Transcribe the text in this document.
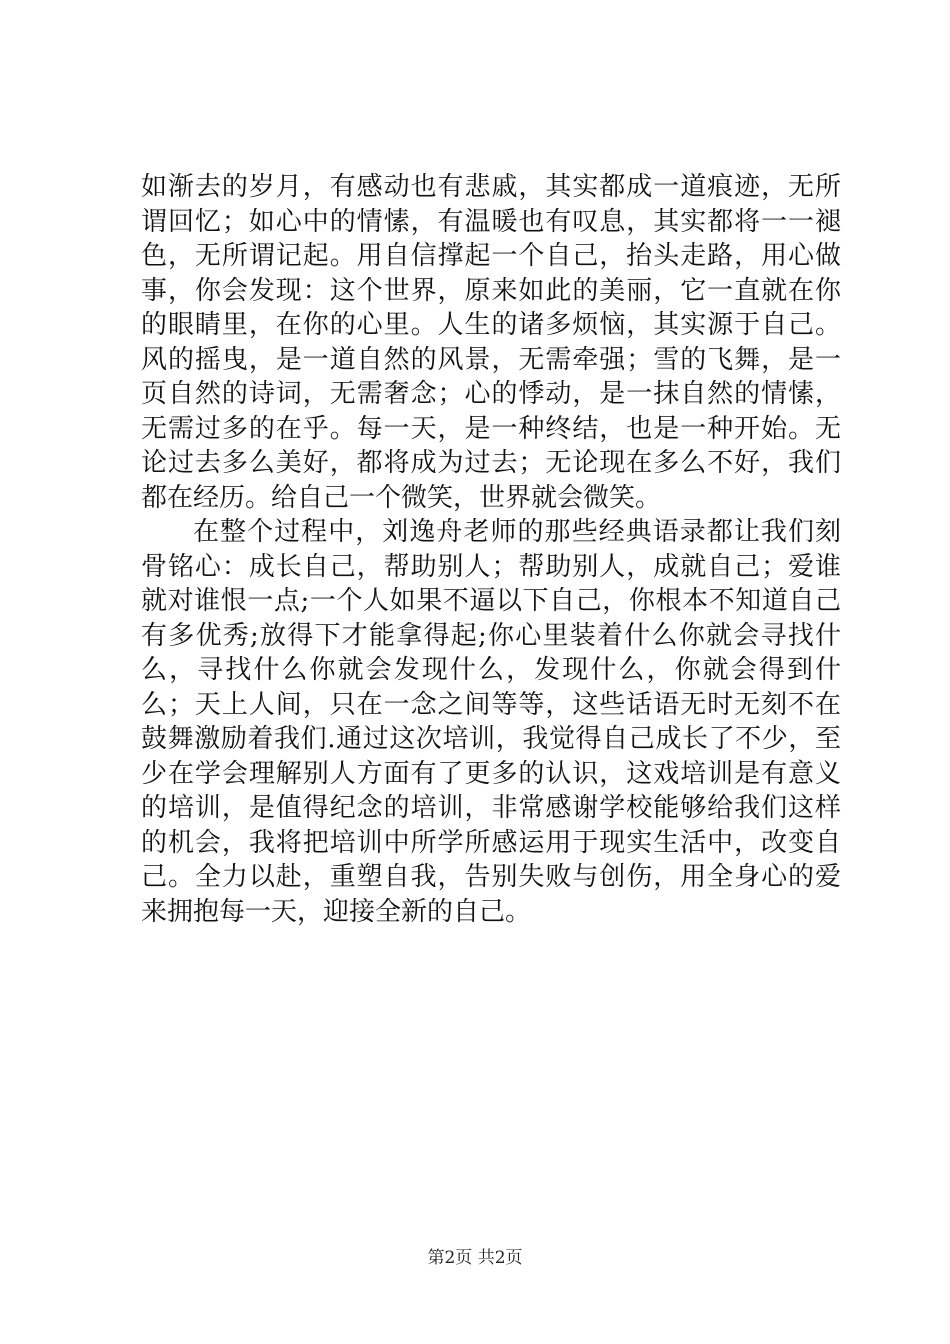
如渐去的岁月，有感动也有悲戚，其实都成一道痕迹，无所谓回忆；如心中的情愫，有温暖也有叹息，其实都将一一褪色，无所谓记起。用自信撑起一个自己，抬头走路，用心做事，你会发现：这个世界，原来如此的美丽，它一直就在你的眼睛里，在你的心里。人生的诸多烦恼，其实源于自己。风的摇曳，是一道自然的风景，无需牵强；雪的飞舞，是一页自然的诗词，无需奢念；心的悸动，是一抹自然的情愫，无需过多的在乎。每一天，是一种终结，也是一种开始。无论过去多么美好，都将成为过去；无论现在多么不好，我们都在经历。给自己一个微笑，世界就会微笑。

在整个过程中，刘逸舟老师的那些经典语录都让我们刻骨铭心：成长自己，帮助别人；帮助别人，成就自己；爱谁就对谁恨一点;一个人如果不逼以下自己，你根本不知道自己有多优秀;放得下才能拿得起;你心里装着什么你就会寻找什么，寻找什么你就会发现什么，发现什么，你就会得到什么；天上人间，只在一念之间等等，这些话语无时无刻不在鼓舞激励着我们.通过这次培训，我觉得自己成长了不少，至少在学会理解别人方面有了更多的认识，这戏培训是有意义的培训，是值得纪念的培训，非常感谢学校能够给我们这样的机会，我将把培训中所学所感运用于现实生活中，改变自己。全力以赴，重塑自我，告别失败与创伤，用全身心的爱来拥抱每一天，迎接全新的自己。

第2页 共2页
